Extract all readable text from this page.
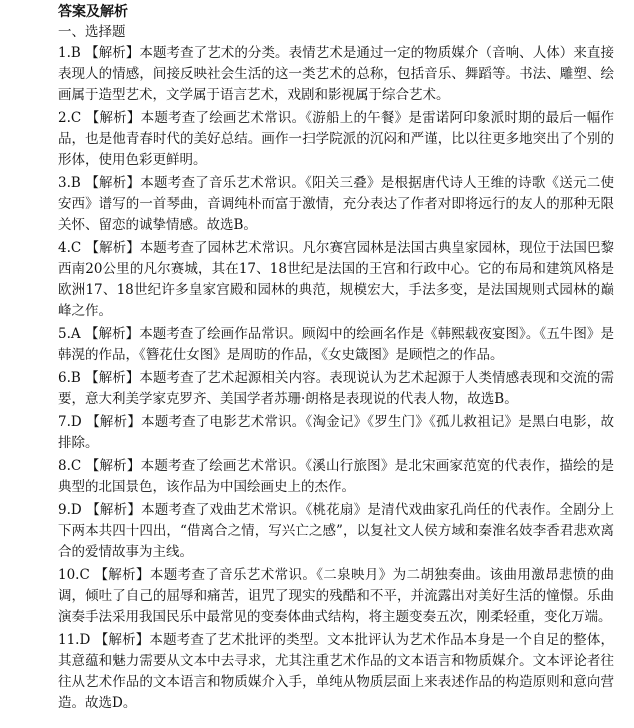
答案及解析

一、选择题

1.B 【解析】本题考查了艺术的分类。表情艺术是通过一定的物质媒介（音响、人体）来直接表现人的情感，间接反映社会生活的这一类艺术的总称，包括音乐、舞蹈等。书法、雕塑、绘画属于造型艺术，文学属于语言艺术，戏剧和影视属于综合艺术。

2.C 【解析】本题考查了绘画艺术常识。《游船上的午餐》是雷诺阿印象派时期的最后一幅作品，也是他青春时代的美好总结。画作一扫学院派的沉闷和严谨，比以往更多地突出了个别的形体，使用色彩更鲜明。

3.B 【解析】本题考查了音乐艺术常识。《阳关三叠》是根据唐代诗人王维的诗歌《送元二使安西》谱写的一首琴曲，音调纯朴而富于激情，充分表达了作者对即将远行的友人的那种无限关怀、留恋的诚挚情感。故选B。

4.C 【解析】本题考查了园林艺术常识。凡尔赛宫园林是法国古典皇家园林，现位于法国巴黎西南20公里的凡尔赛城，其在17、18世纪是法国的王宫和行政中心。它的布局和建筑风格是欧洲17、18世纪许多皇家宫殿和园林的典范，规模宏大，手法多变，是法国规则式园林的巅峰之作。

5.A 【解析】本题考查了绘画作品常识。顾闳中的绘画名作是《韩熙载夜宴图》。《五牛图》是韩滉的作品，《簪花仕女图》是周昉的作品，《女史箴图》是顾恺之的作品。

6.B 【解析】本题考查了艺术起源相关内容。表现说认为艺术起源于人类情感表现和交流的需要，意大利美学家克罗齐、美国学者苏珊·朗格是表现说的代表人物，故选B。

7.D 【解析】本题考查了电影艺术常识。《淘金记》《罗生门》《孤儿救祖记》是黑白电影，故排除。

8.C 【解析】本题考查了绘画艺术常识。《溪山行旅图》是北宋画家范宽的代表作，描绘的是典型的北国景色，该作品为中国绘画史上的杰作。

9.D 【解析】本题考查了戏曲艺术常识。《桃花扇》是清代戏曲家孔尚任的代表作。全剧分上下两本共四十四出，“借离合之情，写兴亡之感”，以复社文人侯方域和秦淮名妓李香君悲欢离合的爱情故事为主线。

10.C 【解析】本题考查了音乐艺术常识。《二泉映月》为二胡独奏曲。该曲用激昂悲愤的曲调，倾吐了自己的屈辱和痛苦，诅咒了现实的残酷和不平，并流露出对美好生活的憧憬。乐曲演奏手法采用我国民乐中最常见的变奏体曲式结构，将主题变奏五次，刚柔轻重，变化万端。

11.D 【解析】本题考查了艺术批评的类型。文本批评认为艺术作品本身是一个自足的整体，其意蕴和魅力需要从文本中去寻求，尤其注重艺术作品的文本语言和物质媒介。文本评论者往往从艺术作品的文本语言和物质媒介入手，单纯从物质层面上来表述作品的构造原则和意向营造。故选D。
